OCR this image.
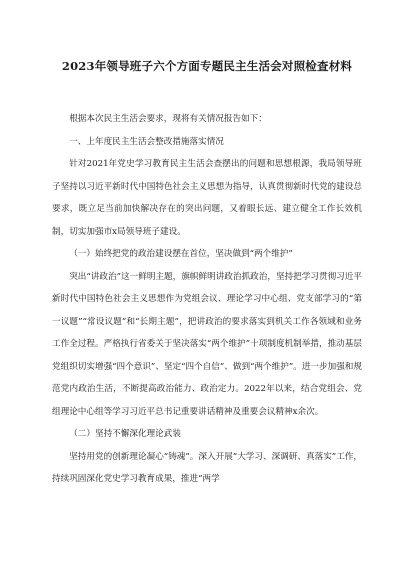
2023年领导班子六个方面专题民主生活会对照检查材料

根据本次民主生活会要求，现将有关情况报告如下：

一、上年度民主生活会整改措施落实情况

针对2021年党史学习教育民主生活会查摆出的问题和思想根源，我局领导班子坚持以习近平新时代中国特色社会主义思想为指导，认真贯彻新时代党的建设总要求，既立足当前加快解决存在的突出问题，又着眼长远、建立健全工作长效机制，切实加强市x局领导班子建设。

（一）始终把党的政治建设摆在首位，坚决做到“两个维护”

突出“讲政治”这一鲜明主题，旗帜鲜明讲政治抓政治，坚持把学习贯彻习近平新时代中国特色社会主义思想作为党组会议、理论学习中心组、党支部学习的“第一议题”“常设议题”和“长期主题”，把讲政治的要求落实到机关工作各领域和业务工作全过程。严格执行省委关于坚决落实“两个维护”十项制度机制举措，推动基层党组织切实增强“四个意识”、坚定“四个自信”、做到“两个维护”。进一步加强和规范党内政治生活，不断提高政治能力、政治定力。2022年以来，结合党组会、党组理论中心组等学习习近平总书记重要讲话精神及重要会议精神x余次。

（二）坚持不懈深化理论武装

坚持用党的创新理论凝心“铸魂”。深入开展“大学习、深调研、真落实”工作，持续巩固深化党史学习教育成果，推进“两学
